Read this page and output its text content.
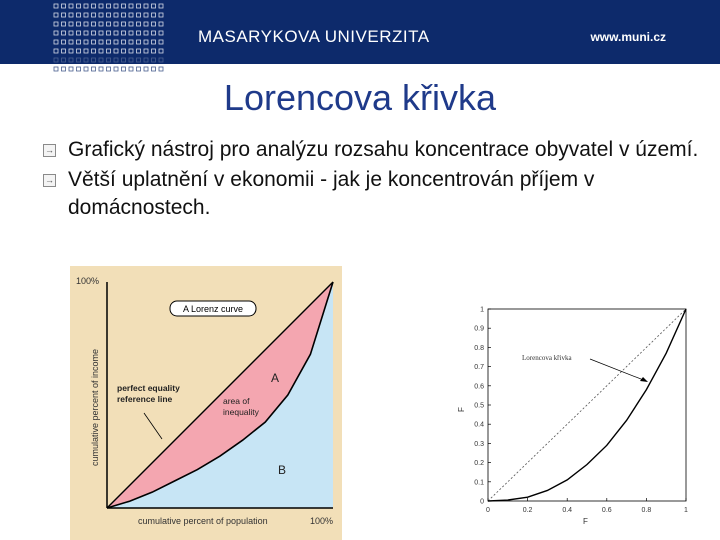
MASARYKOVA UNIVERZITA	www.muni.cz
Lorencova křivka
→ Grafický nástroj pro analýzu rozsahu koncentrace obyvatel v území.
→ Větší uplatnění v ekonomii - jak je koncentrován příjem v domácnostech.
A Lorenz curve
100%
100%
cumulative percent of population
cumulative percent of income perfect equality reference line	area of inequality
A
B
0
0.1
0.2
0.3
0.4
0.5
0.6
0.7
0.8
0.9
1
0	0.2	0.4	0.6	0.8	1
Lorencova křivka
F
F
